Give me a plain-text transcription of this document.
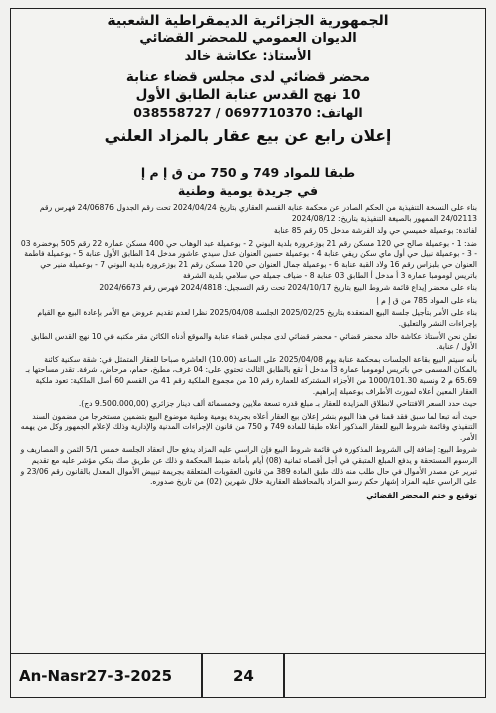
الجمهورية الجزائرية الديمقراطية الشعبية
الديوان العمومي للمحضر القضائي
الأستاذ: عكاشة خالد
محضر قضائي لدى مجلس قضاء عنابة
10 نهج القدس عنابة الطابق الأول
الهاتف: 0697710370 / 038558727
إعلان رابع عن بيع عقار بالمزاد العلني
طبقا للمواد 749 و 750 من ق إ م إ
في جريدة يومية وطنية

بناء على النسخة التنفيذية من الحكم الصادر عن محكمة عنابة القسم العقاري بتاريخ 2024/04/24 تحت رقم الجدول 24/06876 فهرس رقم 24/02113 الممهور بالصيغة التنفيذية بتاريخ: 2024/08/12

لفائدة: بوعميلة خميسي حي ولد الفرشة مدخل 05 رقم 85 عنابة

ضد: 1 - بوعميلة صالح حي 120 مسكن رقم 21 بوزعرورة بلدية البوني 2 - بوعميلة عبد الوهاب حي 400 مسكن عمارة 22 رقم 505 بوخضرة 03 - 3 - بوعميلة نبيل حي أول ماي سكن ريفي عنابة 4 - بوعميلة حسين العنوان عدل سيدي عاشور مدخل 14 الطابق الأول عنابة 5 - بوعميلة فاطمة العنوان حي بلبزاس رقم 16 ولاد القبة عنابة 6 - بوعميلة جمال العنوان حي 120 مسكن رقم 21 بوزعرورة بلدية البوني 7 - بوعميلة منير حي باتريس لومومبا عمارة 3 أ مدخل أ الطابق 03 عنابة 8 - ضياف جميلة حي سلامي بلدية الشرفة

بناء على محضر إيداع قائمة شروط البيع بتاريخ 2024/10/17 تحت رقم التسجيل: 2024/4818 فهرس رقم 2024/6673

بناء على المواد 785 من ق إ م إ

بناء على الأمر بتأجيل جلسة البيع المنعقدة بتاريخ 2025/02/25 الجلسة 2025/04/08 نظرا لعدم تقديم عروض مع الأمر بإعادة البيع مع القيام بإجراءات النشر والتعليق.

نعلن نحن الأستاذ عكاشة خالد محضر قضائي - محضر قضائي لدى مجلس قضاء عنابة والموقع أدناه الكائن مقر مكتبه في 10 نهج القدس الطابق الأول / عنابة.

بأنه سيتم البيع بقاعة الجلسات بمحكمة عنابة يوم 2025/04/08 على الساعة (10.00) العاشرة صباحا للعقار المتمثل في: شقة سكنية كائنة بالمكان المسمى حي باتريس لومومبا عمارة 3أ مدخل أ تقع بالطابق الثالث تحتوي على: 04 غرف، مطبخ، حمام، مرحاض، شرفة. تقدر مساحتها بـ 65.69 م 2 ونسبة 1000/101.30 من الأجزاء المشتركة للعمارة رقم 10 من مجموع الملكية رقم 41 من القسم 60 أصل الملكية: تعود ملكية العقار المعين أعلاه لمورث الأطراف بوعميلة إبراهيم.

حيث حدد السعر الافتتاحي لانطلاق المزايدة للعقار بـ مبلغ قدره تسعة ملايين وخمسمائة ألف دينار جزائري (9.500.000,00 دج).

حيث أنه تبعا لما سبق فقد قمنا في هذا اليوم بنشر إعلان بيع العقار أعلاه بجريدة يومية وطنية موضوع البيع بتضمين مستخرجا من مضمون السند التنفيذي وقائمة شروط البيع للعقار المذكور أعلاه طبقا للمادة 749 و 750 من قانون الإجراءات المدنية والإدارية وذلك لإعلام الجمهور وكل من يهمه الأمر.

شروط البيع: إضافة إلى الشروط المذكورة في قائمة شروط البيع فإن الراسي عليه المزاد يدفع حال انعقاد الجلسة خمس 5/1 الثمن و المصاريف و الرسوم المستحقة و يدفع المبلغ المتبقي في أجل أقصاه ثمانية (08) أيام بأمانة ضبط المحكمة و ذلك عن طريق صك بنكي مؤشر عليه مع تقديم تبرير عن مصدر الأموال في حال طلب منه ذلك طبق المادة 389 من قانون العقوبات المتعلقة بجريمة تبييض الأموال المعدل بالقانون رقم 23/06 و على الراسي عليه المزاد إشهار حكم رسو المزاد بالمحافظة العقارية خلال شهرين (02) من تاريخ صدوره.

توقيع و ختم المحضر القضائي

An-Nasr27-3-2025	24
